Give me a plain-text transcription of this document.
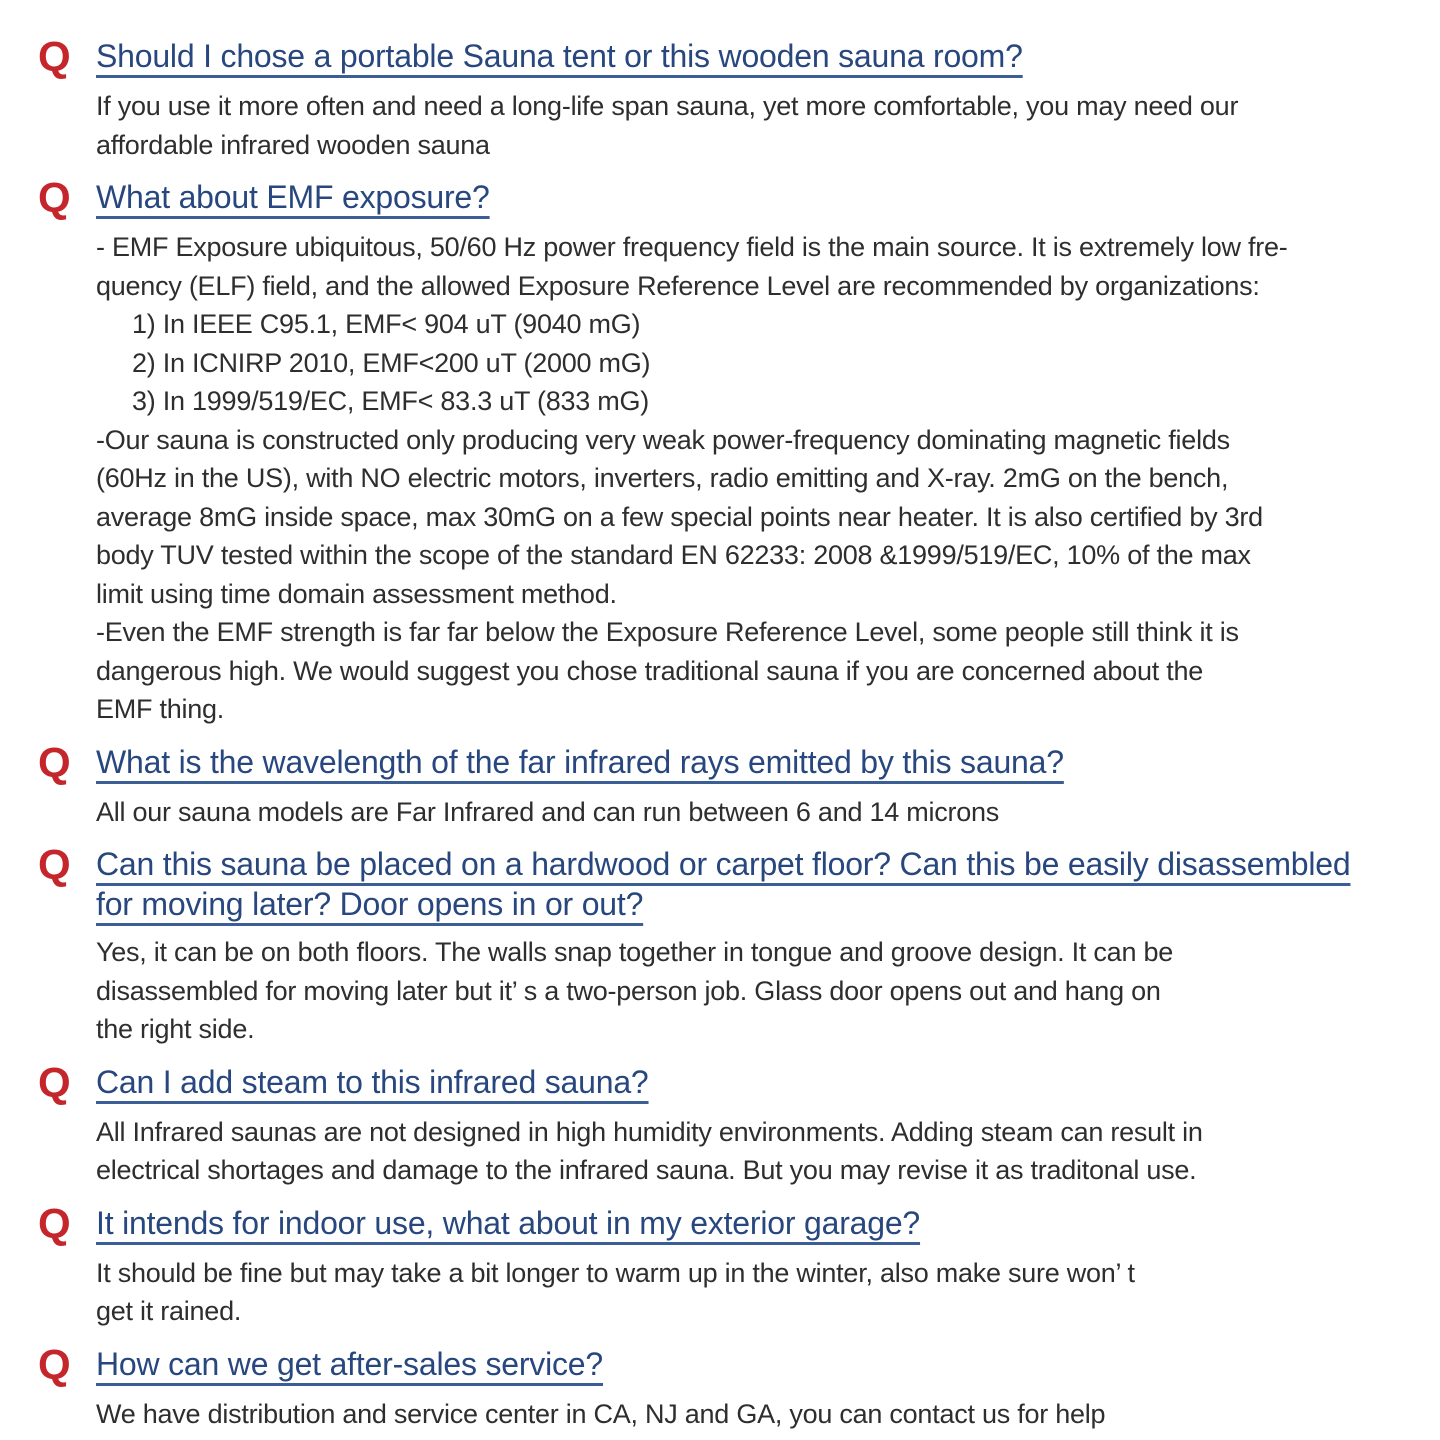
Q Should I chose a portable Sauna tent or this wooden sauna room?
If you use it more often and need a long-life span sauna, yet more comfortable, you may need our
affordable infrared wooden sauna
Q What about EMF exposure?
- EMF Exposure ubiquitous, 50/60 Hz power frequency field is the main source. It is extremely low fre-
quency (ELF) field, and the allowed Exposure Reference Level are recommended by organizations:
1) In IEEE C95.1, EMF< 904 uT (9040 mG)
2) In ICNIRP 2010, EMF<200 uT (2000 mG)
3) In 1999/519/EC, EMF< 83.3 uT (833 mG)
-Our sauna is constructed only producing very weak power-frequency dominating magnetic fields
(60Hz in the US), with NO electric motors, inverters, radio emitting and X-ray. 2mG on the bench,
average 8mG inside space, max 30mG on a few special points near heater. It is also certified by 3rd
body TUV tested within the scope of the standard EN 62233: 2008 &1999/519/EC, 10% of the max
limit using time domain assessment method.
-Even the EMF strength is far far below the Exposure Reference Level, some people still think it is
dangerous high. We would suggest you chose traditional sauna if you are concerned about the
EMF thing.
Q What is the wavelength of the far infrared rays emitted by this sauna?
All our sauna models are Far Infrared and can run between 6 and 14 microns
Q Can this sauna be placed on a hardwood or carpet floor? Can this be easily disassembled for moving later? Door opens in or out?
Yes, it can be on both floors. The walls snap together in tongue and groove design. It can be
disassembled for moving later but it’ s a two-person job. Glass door opens out and hang on
the right side.
Q Can I add steam to this infrared sauna?
All Infrared saunas are not designed in high humidity environments. Adding steam can result in
electrical shortages and damage to the infrared sauna. But you may revise it as traditonal use.
Q It intends for indoor use, what about in my exterior garage?
It should be fine but may take a bit longer to warm up in the winter, also make sure won’ t
get it rained.
Q How can we get after-sales service?
We have distribution and service center in CA, NJ and GA, you can contact us for help
